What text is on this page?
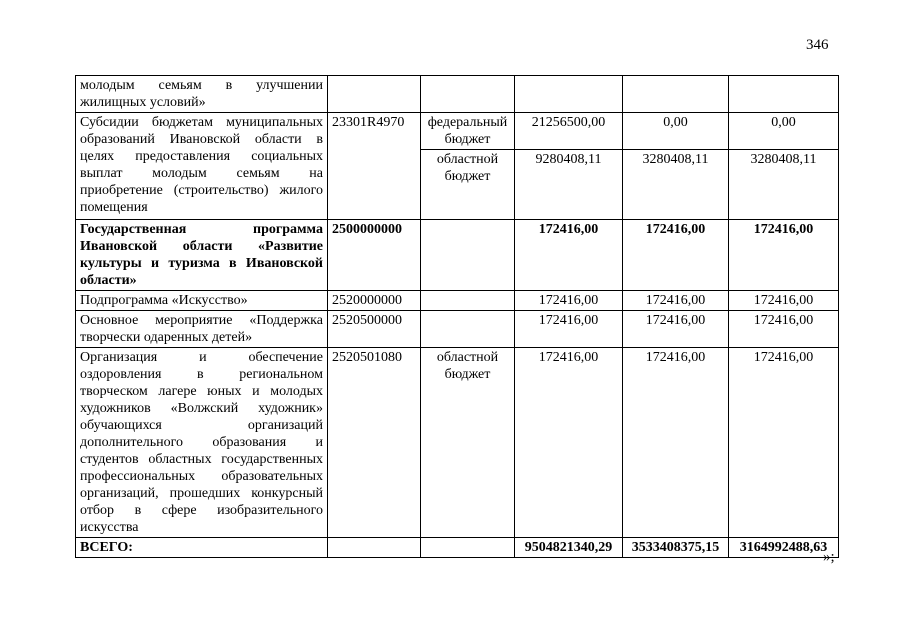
346
молодым семьям в улучшении жилищных условий»					
Субсидии бюджетам муниципальных образований Ивановской области в целях предоставления социальных выплат молодым семьям на приобретение (строительство) жилого помещения	23301R4970	федеральный бюджет	21256500,00	0,00	0,00
		областной бюджет	9280408,11	3280408,11	3280408,11
Государственная программа Ивановской области «Развитие культуры и туризма в Ивановской области»	2500000000		172416,00	172416,00	172416,00
Подпрограмма «Искусство»	2520000000		172416,00	172416,00	172416,00
Основное мероприятие «Поддержка творчески одаренных детей»	2520500000		172416,00	172416,00	172416,00
Организация и обеспечение оздоровления в региональном творческом лагере юных и молодых художников «Волжский художник» обучающихся организаций дополнительного образования и студентов областных государственных профессиональных образовательных организаций, прошедших конкурсный отбор в сфере изобразительного искусства	2520501080	областной бюджет	172416,00	172416,00	172416,00
ВСЕГО:			9504821340,29	3533408375,15	3164992488,63
»;
